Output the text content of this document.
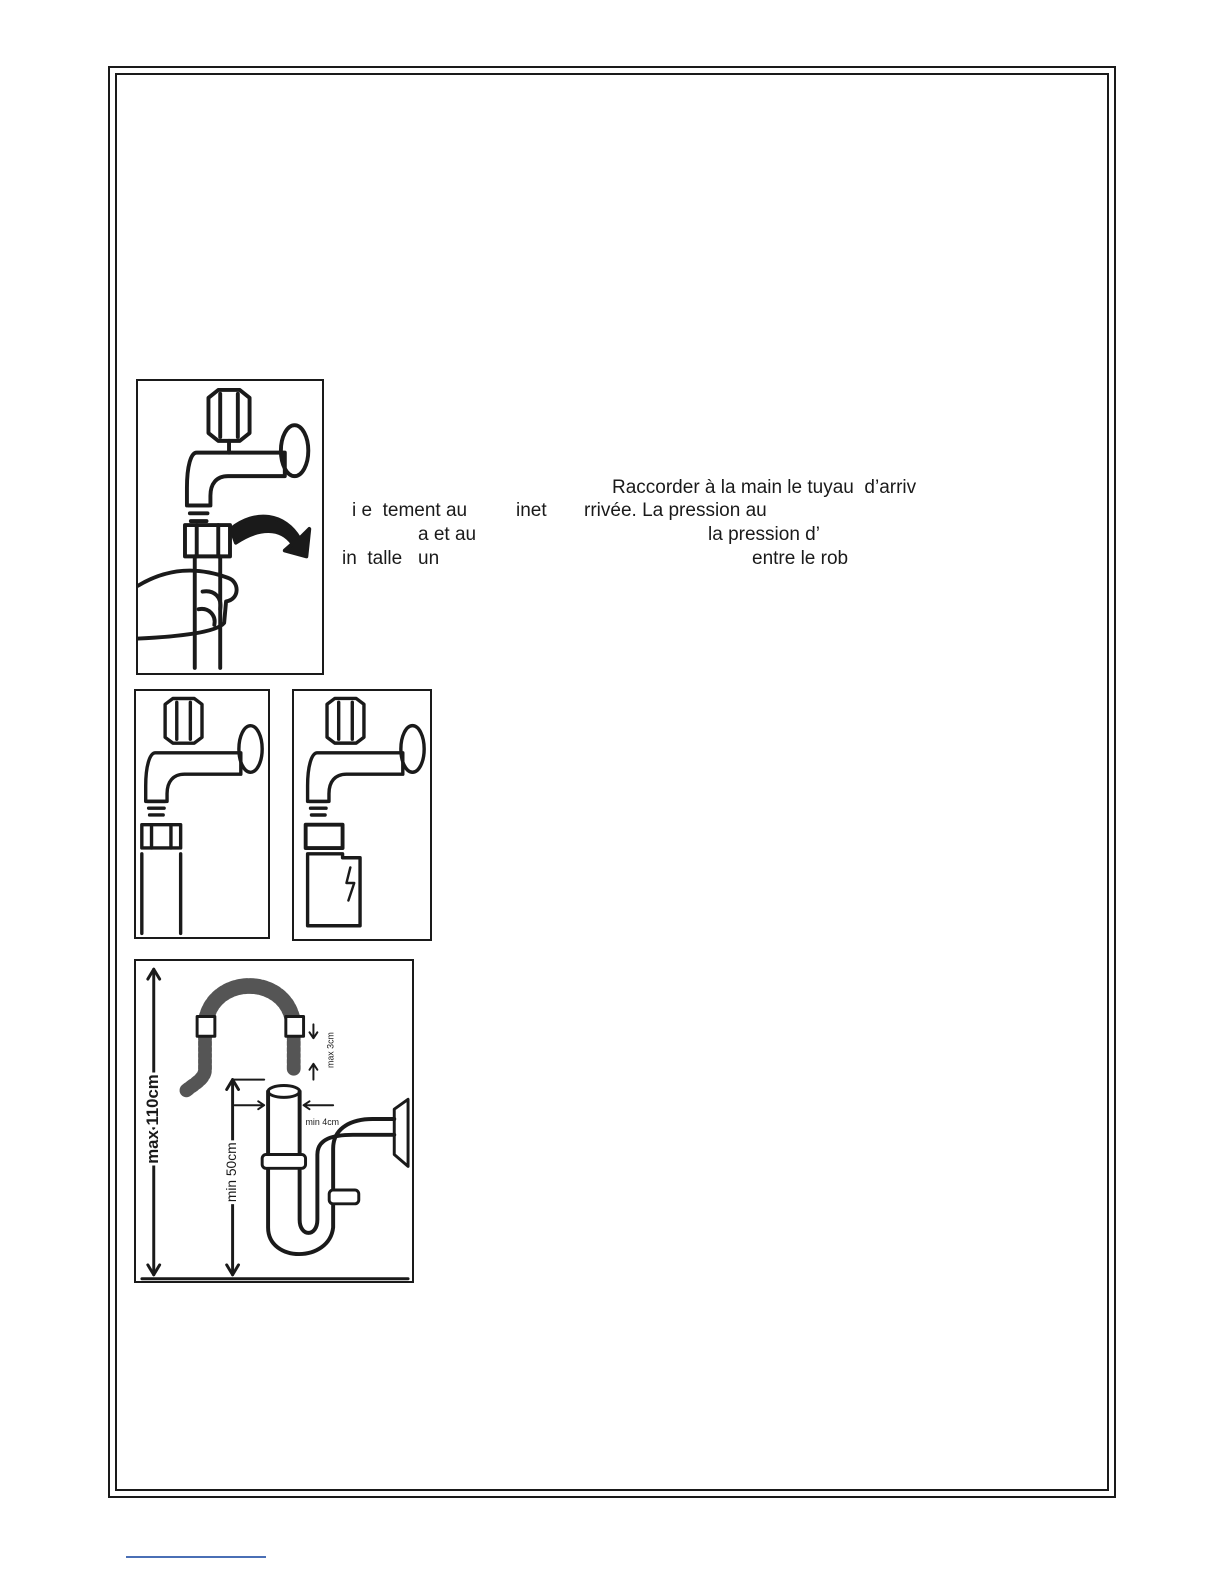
max 110cm
min 50cm
max 3cm
min 4cm
Raccorder à la main le tuyau  d’arriv
i e  tement au	inet rrivée. La pression au
a et au	la pression d’
in  talle   un	entre le rob
